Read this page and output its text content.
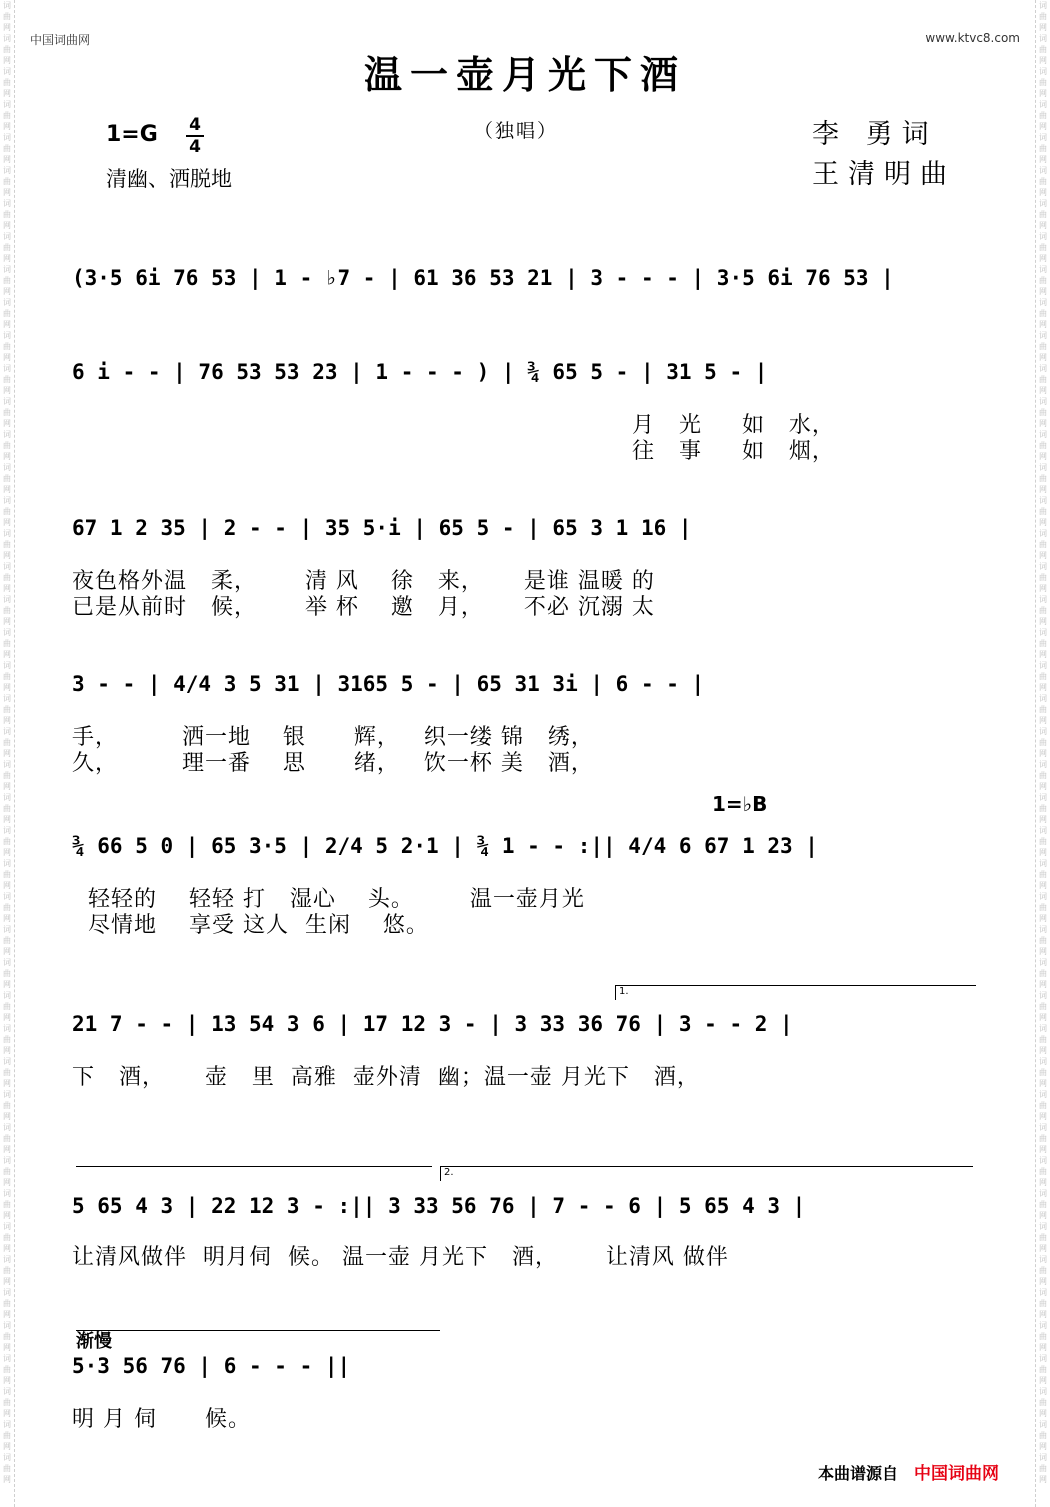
词曲网词曲网词曲网词曲网词曲网词曲网词曲网词曲网词曲网词曲网词曲网词曲网词曲网词曲网词曲网词曲网词曲网词曲网词曲网词曲网词曲网词曲网词曲网词曲网词曲网词曲网词曲网词曲网词曲网词曲网词曲网词曲网词曲网词曲网词曲网词曲网词曲网词曲网词曲网词曲网词曲网词曲网词曲网词曲网词曲网
词曲网词曲网词曲网词曲网词曲网词曲网词曲网词曲网词曲网词曲网词曲网词曲网词曲网词曲网词曲网词曲网词曲网词曲网词曲网词曲网词曲网词曲网词曲网词曲网词曲网词曲网词曲网词曲网词曲网词曲网词曲网词曲网词曲网词曲网词曲网词曲网词曲网词曲网词曲网词曲网词曲网词曲网词曲网词曲网词曲网
中国词曲网	www.ktvc8.com
温一壶月光下酒
1=G 4
4
清幽、洒脱地
（独唱）	李 勇词
王清明曲
(3·5 6i 76 53 | 1 - ♭7 - | 61 36 53 21 | 3 - - - | 3·5 6i 76 53 |
6 i - - | 76 53 53 23 | 1 - - - ) | ¾ 65 5 - | 31 5 - |
月   光     如   水，
往   事     如   烟，
67 1 2 35 | 2 - - | 35 5·i | 65 5 - | 65 3 1 16 |
夜色格外温   柔，      清 风    徐   来，     是谁 温暖 的
已是从前时   候，      举 杯    邀   月，     不必 沉溺 太
3 - - | 4/4 3 5 31 | 3165 5 - | 65 31 3i | 6 - - |
手，        洒一地    银      辉，   织一缕 锦   绣，
久，        理一番    思      绪，   饮一杯 美   酒，
1=♭B
¾ 66 5 0 | 65 3·5 | 2/4 5 2·1 | ¾ 1 - - :|| 4/4 6 67 1 23 |
轻轻的    轻轻 打   湿心    头。       温一壶月光
尽情地    享受 这人  生闲    悠。
1.
21 7 - - | 13 54 3 6 | 17 12 3 - | 3 33 36 76 | 3 - - 2 |
下   酒，     壶   里  高雅  壶外清  幽；温一壶 月光下   酒，
2.
5 65 4 3 | 22 12 3 - :|| 3 33 56 76 | 7 - - 6 | 5 65 4 3 |
让清风做伴  明月伺  候。 温一壶 月光下   酒，      让清风 做伴
渐慢
5·3 56 76 | 6 - - - ||
明 月 伺      候。
本曲谱源自 中国词曲网
